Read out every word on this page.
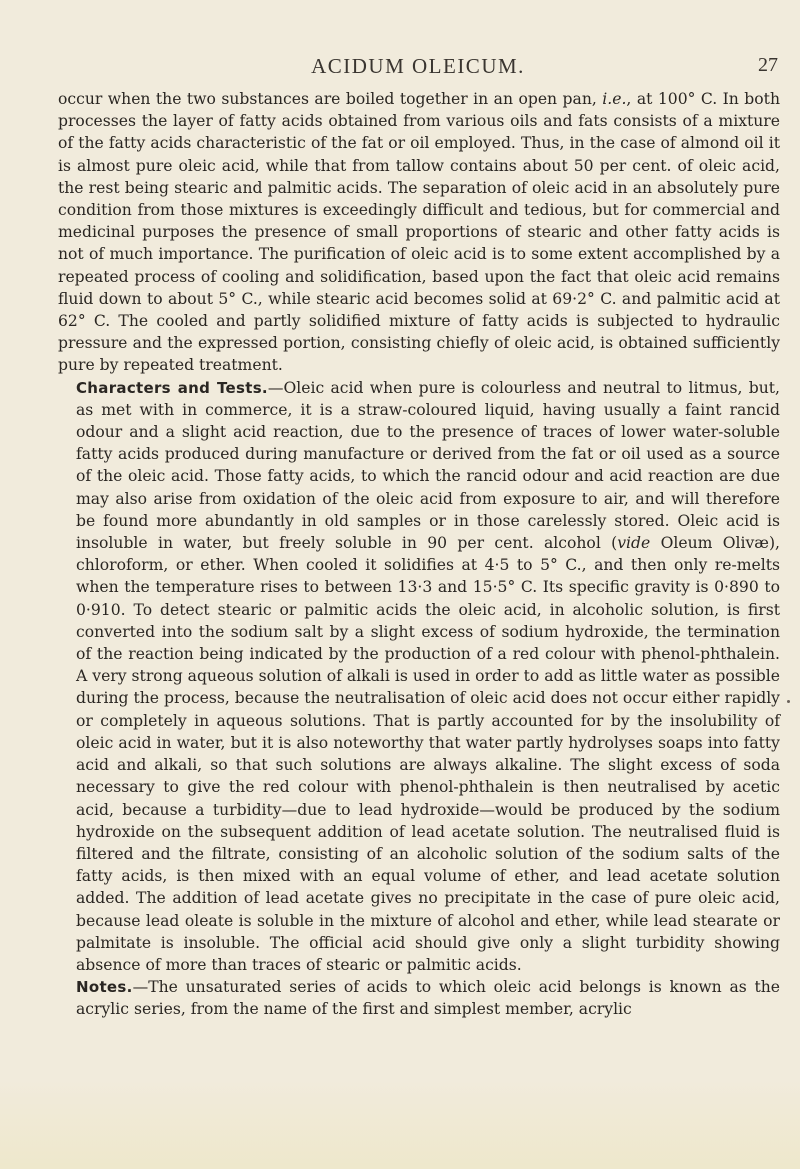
ACIDUM OLEICUM.	27

occur when the two substances are boiled together in an open pan, i.e., at 100° C. In both processes the layer of fatty acids obtained from various oils and fats consists of a mixture of the fatty acids characteristic of the fat or oil employed. Thus, in the case of almond oil it is almost pure oleic acid, while that from tallow contains about 50 per cent. of oleic acid, the rest being stearic and palmitic acids. The separation of oleic acid in an absolutely pure condition from those mixtures is exceedingly difficult and tedious, but for commercial and medicinal purposes the presence of small proportions of stearic and other fatty acids is not of much importance. The purification of oleic acid is to some extent accomplished by a repeated process of cooling and solidification, based upon the fact that oleic acid remains fluid down to about 5° C., while stearic acid becomes solid at 69·2° C. and palmitic acid at 62° C. The cooled and partly solidified mixture of fatty acids is subjected to hydraulic pressure and the expressed portion, consisting chiefly of oleic acid, is obtained sufficiently pure by repeated treatment.

Characters and Tests.—Oleic acid when pure is colourless and neutral to litmus, but, as met with in commerce, it is a straw-coloured liquid, having usually a faint rancid odour and a slight acid reaction, due to the presence of traces of lower water-soluble fatty acids produced during manufacture or derived from the fat or oil used as a source of the oleic acid. Those fatty acids, to which the rancid odour and acid reaction are due may also arise from oxidation of the oleic acid from exposure to air, and will therefore be found more abundantly in old samples or in those carelessly stored. Oleic acid is insoluble in water, but freely soluble in 90 per cent. alcohol (vide Oleum Olivæ), chloroform, or ether. When cooled it solidifies at 4·5 to 5° C., and then only re-melts when the temperature rises to between 13·3 and 15·5° C. Its specific gravity is 0·890 to 0·910. To detect stearic or palmitic acids the oleic acid, in alcoholic solution, is first converted into the sodium salt by a slight excess of sodium hydroxide, the termination of the reaction being indicated by the production of a red colour with phenol-phthalein. A very strong aqueous solution of alkali is used in order to add as little water as possible during the process, because the neutralisation of oleic acid does not occur either rapidly or completely in aqueous solutions. That is partly accounted for by the insolubility of oleic acid in water, but it is also noteworthy that water partly hydrolyses soaps into fatty acid and alkali, so that such solutions are always alkaline. The slight excess of soda necessary to give the red colour with phenol-phthalein is then neutralised by acetic acid, because a turbidity—due to lead hydroxide—would be produced by the sodium hydroxide on the subsequent addition of lead acetate solution. The neutralised fluid is filtered and the filtrate, consisting of an alcoholic solution of the sodium salts of the fatty acids, is then mixed with an equal volume of ether, and lead acetate solution added. The addition of lead acetate gives no precipitate in the case of pure oleic acid, because lead oleate is soluble in the mixture of alcohol and ether, while lead stearate or palmitate is insoluble. The official acid should give only a slight turbidity showing absence of more than traces of stearic or palmitic acids.

Notes.—The unsaturated series of acids to which oleic acid belongs is known as the acrylic series, from the name of the first and simplest member, acrylic
